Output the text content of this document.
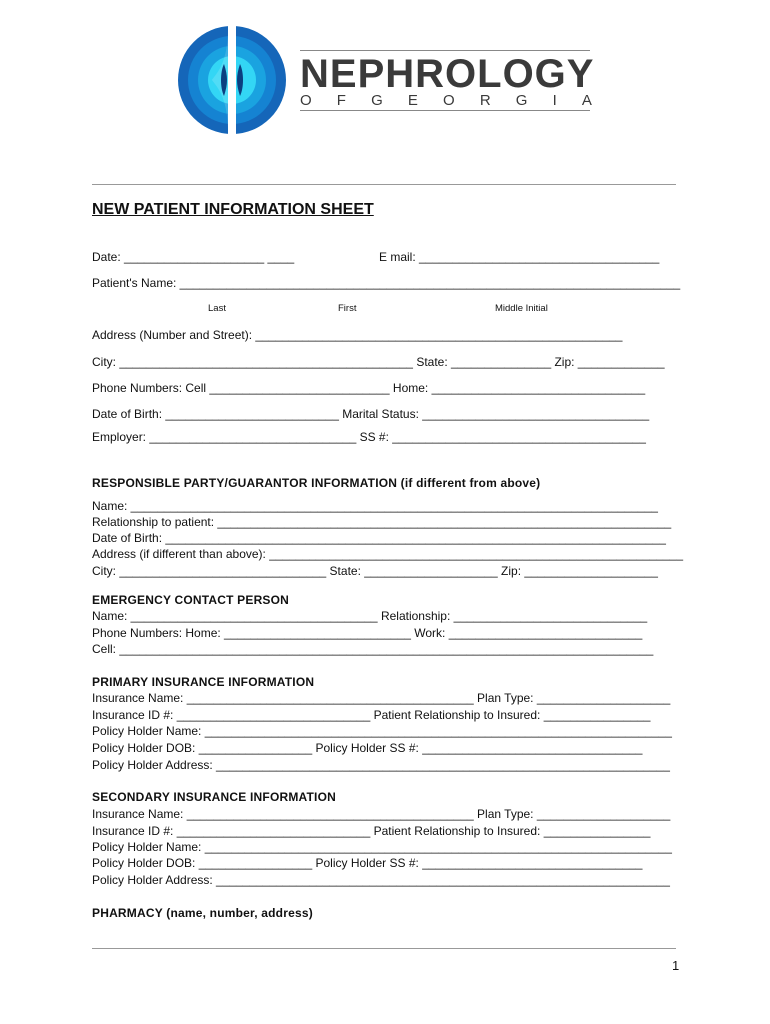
NEPHROLOGY
O F G E O R G I A
NEW PATIENT INFORMATION SHEET
Date: _____________________ ____	E mail: ____________________________________
Patient's Name: ___________________________________________________________________________
Last	First	Middle Initial
Address (Number and Street): _______________________________________________________
City: ____________________________________________ State: _______________ Zip: _____________
Phone Numbers: Cell ___________________________ Home: ________________________________
Date of Birth: __________________________ Marital Status: __________________________________
Employer: _______________________________ SS #: ______________________________________
RESPONSIBLE PARTY/GUARANTOR INFORMATION (if different from above)
Name: _______________________________________________________________________________
Relationship to patient: ____________________________________________________________________
Date of Birth: ___________________________________________________________________________
Address (if different than above): ______________________________________________________________
City: _______________________________ State: ____________________ Zip: ____________________
EMERGENCY CONTACT PERSON
Name: _____________________________________ Relationship: _____________________________
Phone Numbers: Home: ____________________________ Work: _____________________________
Cell: ________________________________________________________________________________
PRIMARY INSURANCE INFORMATION
Insurance Name: ___________________________________________ Plan Type: ____________________
Insurance ID #: _____________________________ Patient Relationship to Insured: ________________
Policy Holder Name: ______________________________________________________________________
Policy Holder DOB: _________________ Policy Holder SS #: _________________________________
Policy Holder Address: ____________________________________________________________________
SECONDARY INSURANCE INFORMATION
Insurance Name: ___________________________________________ Plan Type: ____________________
Insurance ID #: _____________________________ Patient Relationship to Insured: ________________
Policy Holder Name: ______________________________________________________________________
Policy Holder DOB: _________________ Policy Holder SS #: _________________________________
Policy Holder Address: ____________________________________________________________________
PHARMACY (name, number, address)
1
